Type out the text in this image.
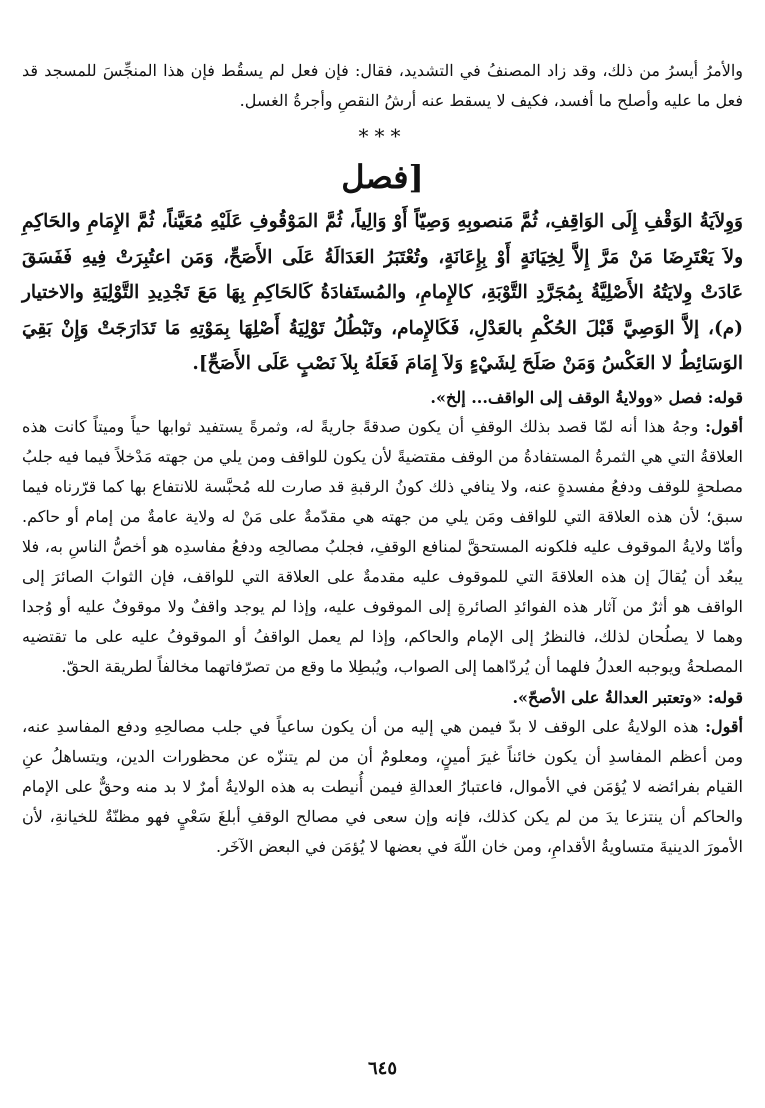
والأمرُ أيسرُ من ذلك، وقد زاد المصنفُ في التشديد، فقال: فإن فعل لم يسقُط فإن هذا المنجِّسَ للمسجد قد فعل ما عليه وأصلح ما أفسد، فكيف لا يسقط عنه أرشُ النقصِ وأجرةُ الغسل.

***
[فصل

وَوِلاَيَةُ الوَقْفِ إِلَى الوَاقِفِ، ثُمَّ مَنصوبِهِ وَصِيّاً أَوْ وَالِياً، ثُمَّ المَوْقُوفِ عَلَيْهِ مُعَيَّناً، ثُمَّ الإِمَامِ والحَاكِمِ ولاَ يَعْتَرِضَا مَنْ مَرَّ إِلاَّ لِخِيَانَةٍ أَوْ بِإِعَانَةٍ، وتُعْتَبَرُ العَدَالَةُ عَلَى الأَصَحِّ، وَمَن اعتُبِرَتْ فِيهِ فَفَسَقَ عَادَتْ وِلايَتُهُ الأَصْلِيَّةُ بِمُجَرَّدِ التَّوْبَةِ، كالإِمامِ، والمُستَفادَةُ كَالحَاكِمِ بِهَا مَعَ تَجْدِيدِ التَّوْلِيَةِ والاختيار (م)، إلاَّ الوَصِيَّ قَبْلَ الحُكْمِ بالعَدْلِ، فَكَالإِمام، وتَبْطُلُ تَوْلِيَةُ أَصْلِهَا بِمَوْتِهِ مَا تَدَارَجَتْ وَإِنْ بَقِيَ الوَسَائِطُ لا العَكْسُ وَمَنْ صَلَحَ لِشَيْءٍ وَلاَ إِمَامَ فَعَلَهُ بِلاَ نَصْبٍ عَلَى الأَصَحِّ].

قوله: فصل «وولايةُ الوقف إلى الواقف... إلخ».

أقول: وجهُ هذا أنه لمّا قصد بذلك الوقفِ أن يكون صدقةً جاريةً له، وثمرةً يستفيد ثوابها حياً وميتاً كانت هذه العلاقةُ التي هي الثمرةُ المستفادةُ من الوقف مقتضيةً لأن يكون للواقف ومن يلي من جهته مَدْخلاً فيما فيه جلبُ مصلحةٍ للوقف ودفعُ مفسدةٍ عنه، ولا ينافي ذلك كونُ الرقبةِ قد صارت لله مُحبَّسة للانتفاع بها كما قرّرناه فيما سبق؛ لأن هذه العلاقة التي للواقف ومَن يلي من جهته هي مقدّمةٌ على مَنْ له ولاية عامةٌ من إمام أو حاكم. وأمّا ولايةُ الموقوف عليه فلكونه المستحقَّ لمنافع الوقفِ، فجلبُ مصالحِه ودفعُ مفاسدِه هو أخصُّ الناسِ به، فلا يبعُد أن يُقالَ إن هذه العلاقةَ التي للموقوف عليه مقدمةٌ على العلاقة التي للواقف، فإن الثوابَ الصائرَ إلى الواقف هو أثرٌ من آثار هذه الفوائدِ الصائرةِ إلى الموقوف عليه، وإذا لم يوجد واقفٌ ولا موقوفٌ عليه أو وُجدا وهما لا يصلُحان لذلك، فالنظرُ إلى الإمام والحاكم، وإذا لم يعمل الواقفُ أو الموقوفُ عليه على ما تقتضيه المصلحةُ ويوجبه العدلُ فلهما أن يُردّاهما إلى الصواب، ويُبطِلا ما وقع من تصرّفاتهما مخالفاً لطريقة الحقّ.

قوله: «وتعتبر العدالةُ على الأصحّ».

أقول: هذه الولايةُ على الوقف لا بدّ فيمن هي إليه من أن يكون ساعياً في جلب مصالحِهِ ودفع المفاسدِ عنه، ومن أعظم المفاسدِ أن يكون خائناً غيرَ أمينٍ، ومعلومٌ أن من لم يتنزّه عن محظورات الدين، ويتساهلُ عنِ القيام بفرائضه لا يُؤمَن في الأموال، فاعتبارُ العدالةِ فيمن أُنيطت به هذه الولايةُ أمرٌ لا بد منه وحقٌّ على الإمام والحاكم أن ينتزعا يدَ من لم يكن كذلك، فإنه وإن سعى في مصالح الوقفِ أبلغَ سَعْيٍ فهو مظنّةٌ للخيانةِ، لأن الأمورَ الدينيةَ متساويةُ الأقدامِ، ومن خان اللّهَ في بعضها لا يُؤمَن في البعض الآخَر.

٦٤٥
